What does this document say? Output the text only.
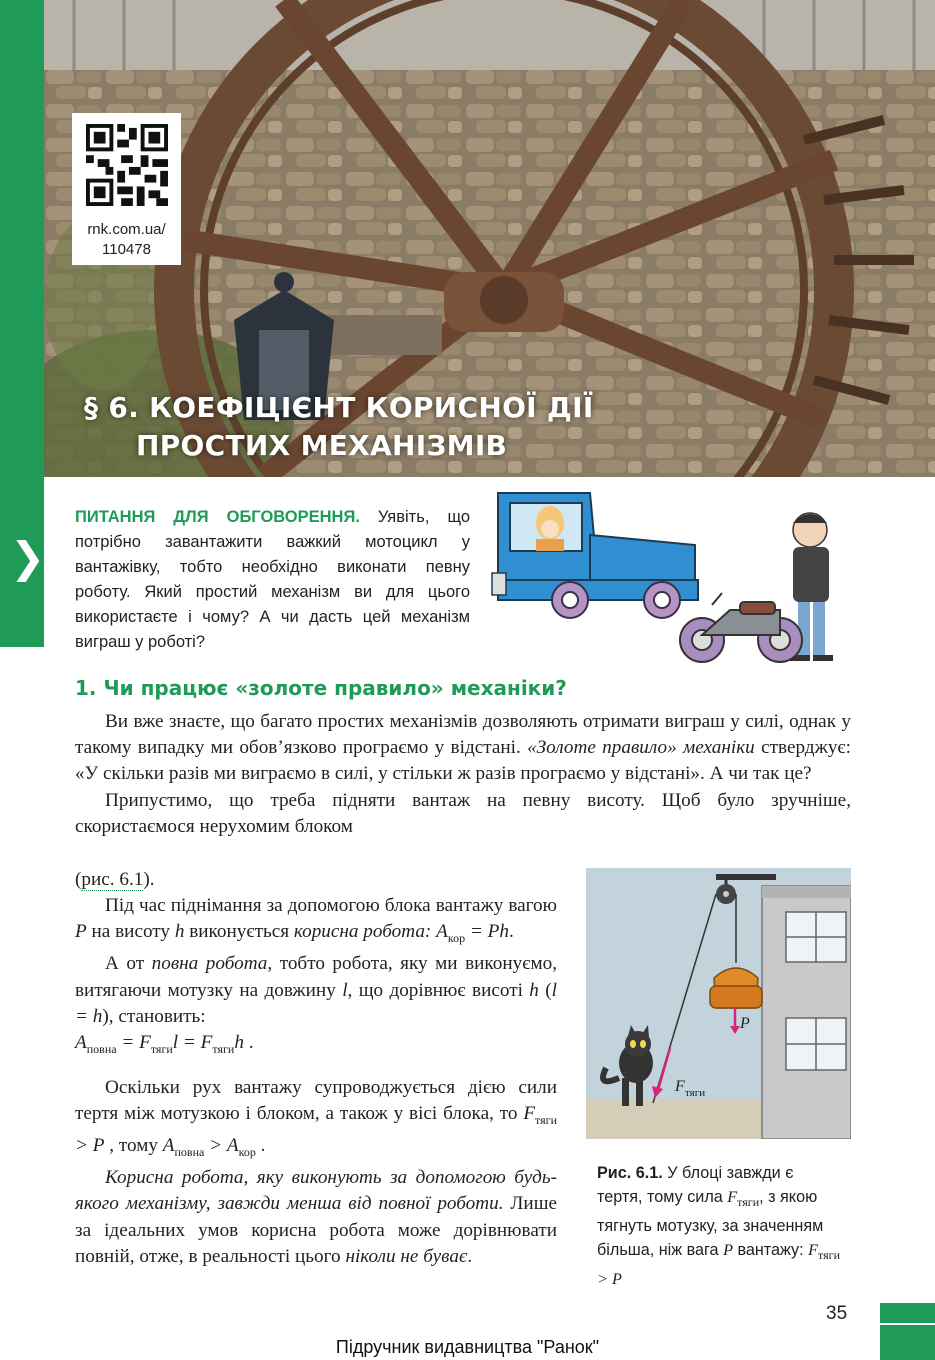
rnk.com.ua/
110478
§ 6. КОЕФІЦІЄНТ КОРИСНОЇ ДІЇ
ПРОСТИХ МЕХАНІЗМІВ
❯
ПИТАННЯ ДЛЯ ОБГОВОРЕННЯ. Уявіть, що потрібно завантажити важкий мотоцикл у вантажівку, тобто необхідно виконати певну роботу. Який простий механізм ви для цього використаєте і чому? А чи дасть цей механізм виграш у роботі?
1. Чи працює «золоте правило» механіки?

Ви вже знаєте, що багато простих механізмів дозволяють отримати виграш у силі, однак у такому випадку ми обов’язково програємо у відстані. «Золоте правило» механіки стверджує: «У скільки разів ми виграємо в силі, у стільки ж разів програємо у відстані». А чи так це?

Припустимо, що треба підняти вантаж на певну висоту. Щоб було зручніше, скористаємося нерухомим блоком

(рис. 6.1).

Під час піднімання за допомогою блока вантажу вагою P на висоту h виконується корисна робота: $A_{кор} = Ph$.

А от повна робота, тобто робота, яку ми виконуємо, витягаючи мотузку на довжину l, що дорівнює висоті h (l = h), становить:
$A_{повна} = F_{тяги}l = F_{тяги}h$ .

Оскільки рух вантажу супроводжується дією сили тертя між мотузкою і блоком, а також у вісі блока, то $F_{тяги} > P$ , тому $A_{повна} > A_{кор}$ .

Корисна робота, яку виконують за допомогою будь-якого механізму, завжди менша від повної роботи. Лише за ідеальних умов корисна робота може дорівнювати повній, отже, в реальності цього ніколи не буває.

P
F тяги
Рис. 6.1. У блоці завжди є тертя, тому сила $F_{тяги}$, з якою тягнуть мотузку, за значенням більша, ніж вага P вантажу: $F_{тяги} > P$
35
Підручник видавництва "Ранок"
